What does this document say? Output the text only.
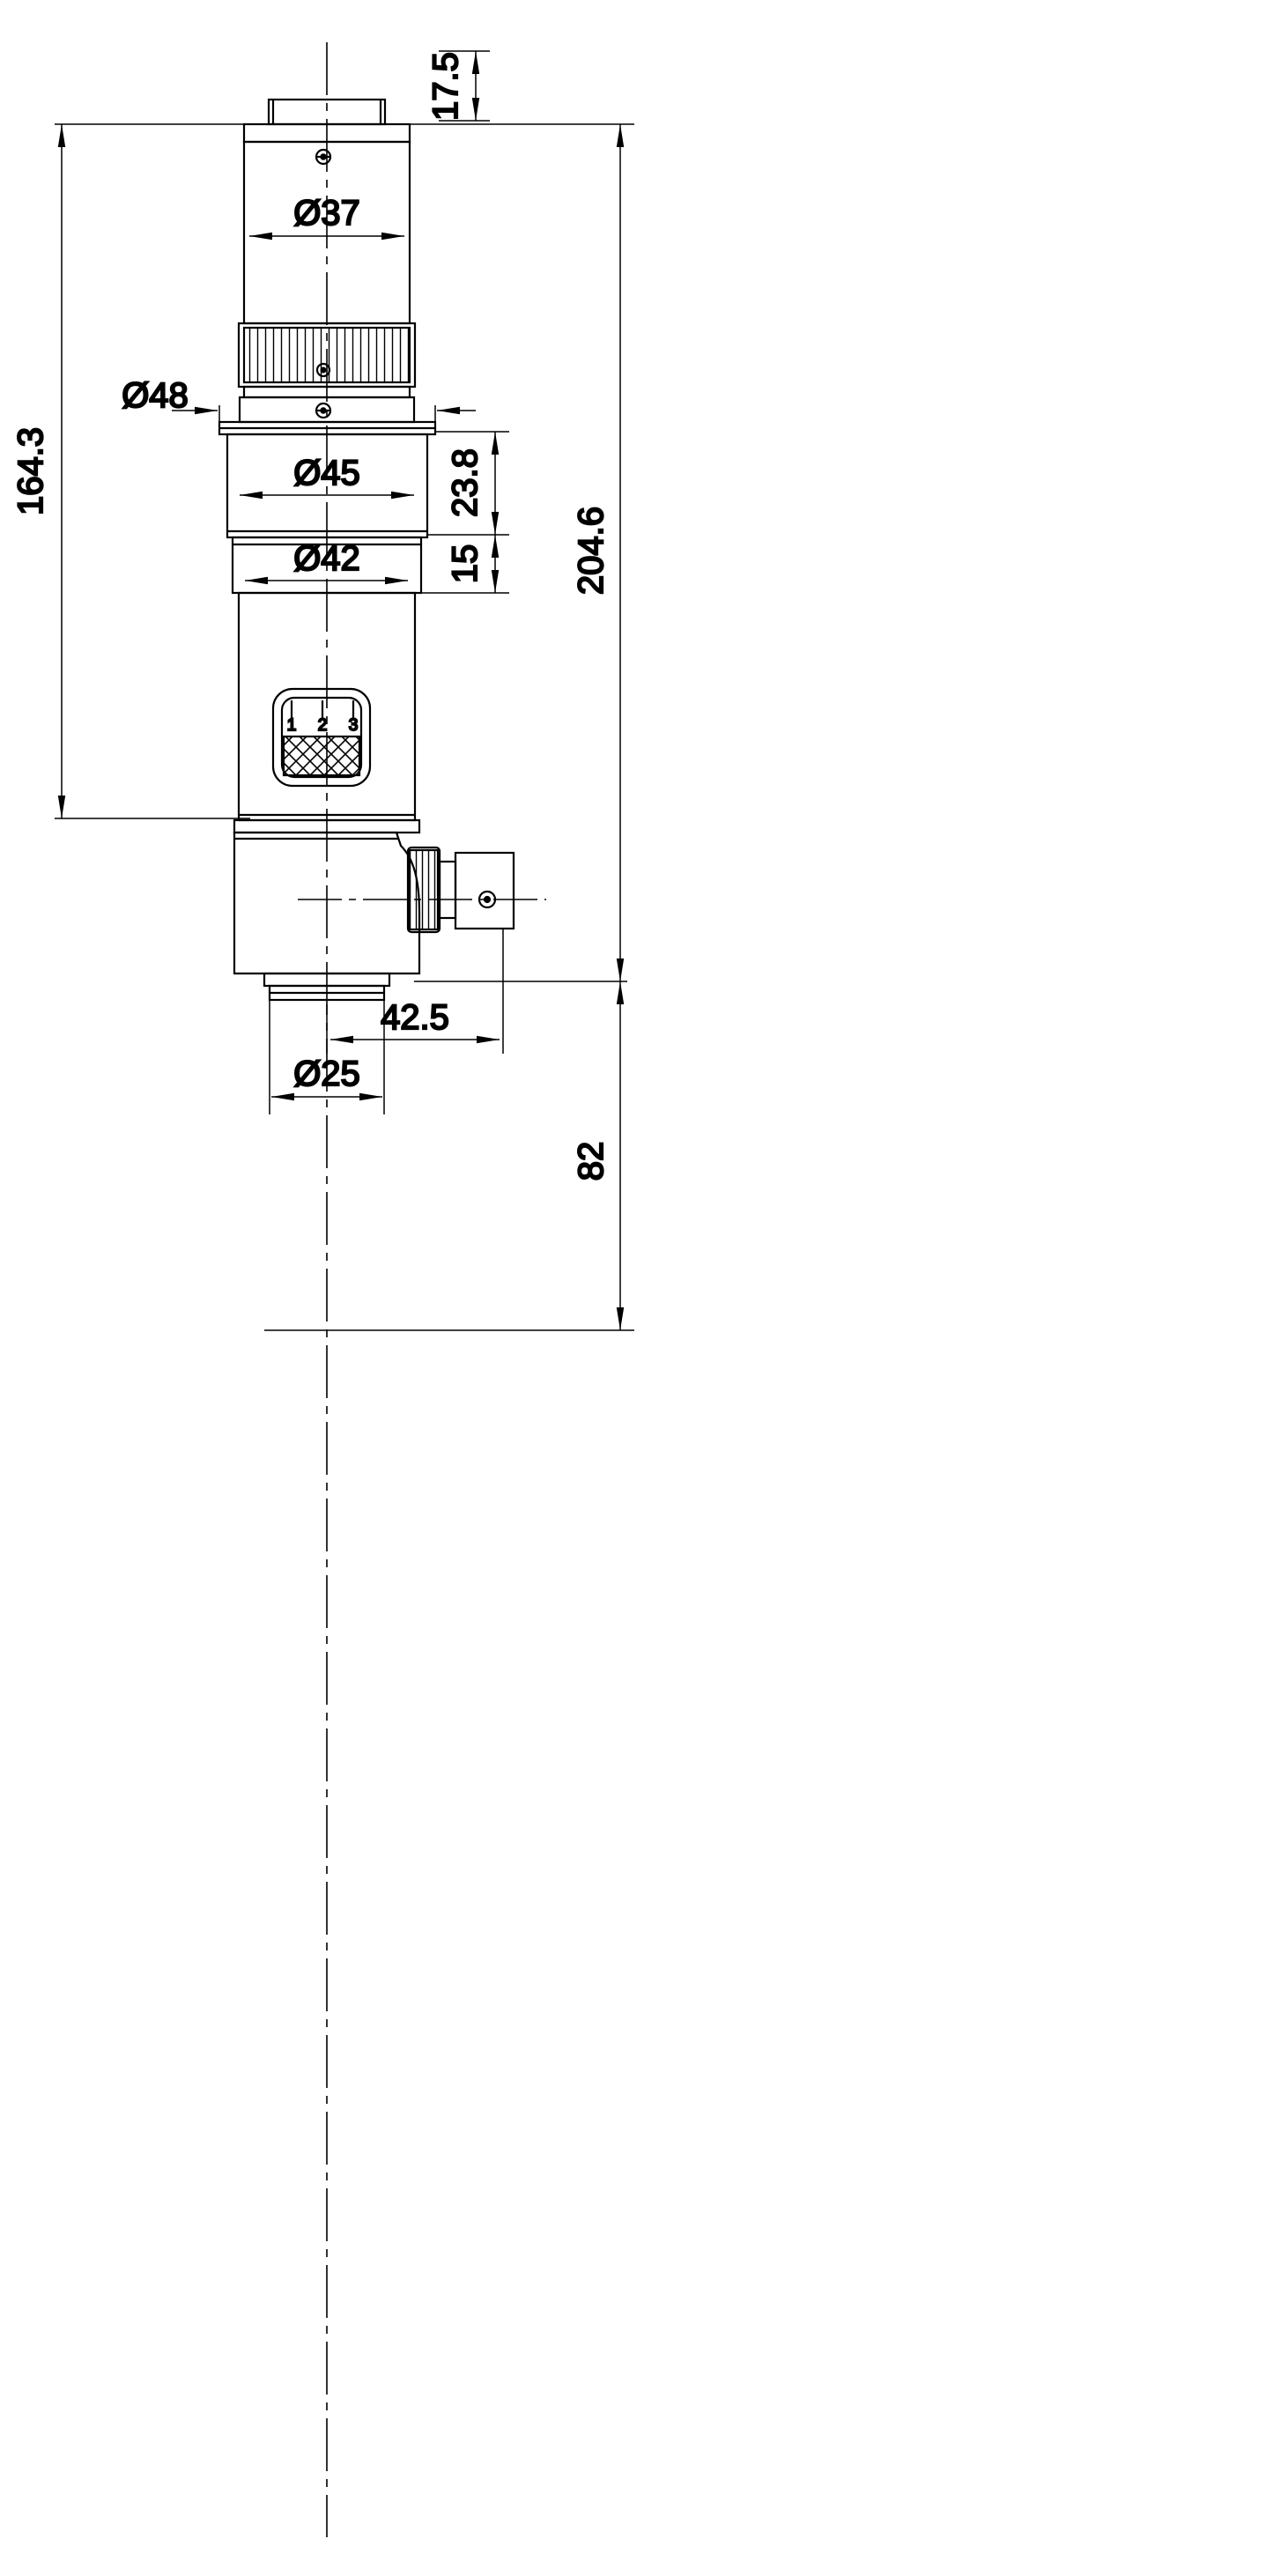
17.5
164.3
204.6
82
Ø37
Ø48
Ø45
Ø42
23.8
15
42.5
Ø25
1 2 3
